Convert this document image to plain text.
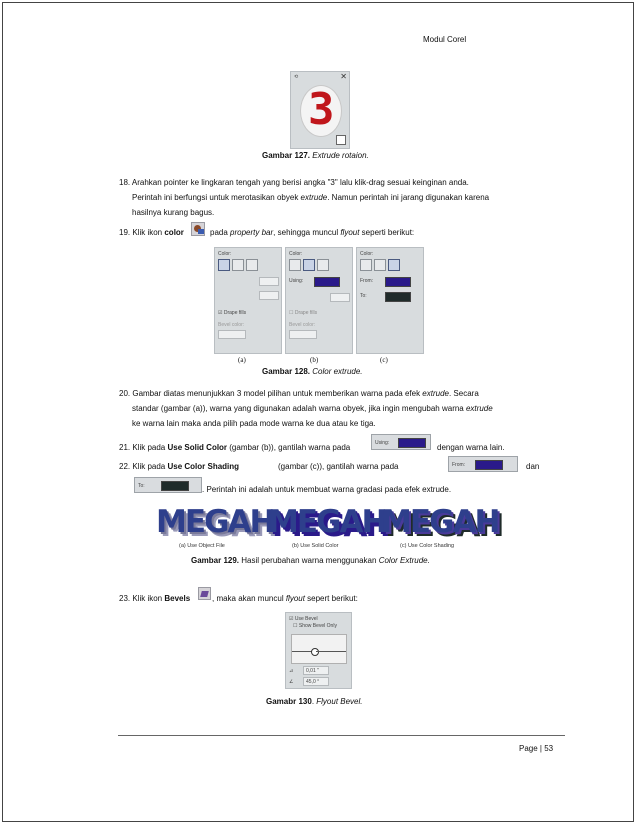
Modul Corel
✕
⟲
3
Gambar 127. Extrude rotaion.
18. Arahkan pointer ke lingkaran tengah yang berisi angka "3" lalu klik-drag sesuai keinginan anda.
Perintah ini berfungsi untuk merotasikan obyek extrude. Namun perintah ini jarang digunakan karena
hasilnya kurang bagus.
19. Klik ikon color	pada property bar, sehingga muncul flyout seperti berikut:
Color:
☑ Drape fills
Bevel color:
Color:
Using:
☐ Drape fills
Bevel color:
Color:
From:
To:
(a)	(b)	(c)
Gambar 128. Color extrude.
20. Gambar diatas menunjukkan 3 model pilihan untuk memberikan warna pada efek extrude. Secara
standar (gambar (a)), warna yang digunakan adalah warna obyek, jika ingin mengubah warna extrude
ke warna lain maka anda pilih pada mode warna ke dua atau ke tiga.
21. Klik pada Use Solid Color (gambar (b)), gantilah warna pada	Using:	dengan warna lain.
22. Klik pada Use Color Shading	(gambar (c)), gantilah warna pada	From:	dan
To:	. Perintah ini adalah untuk membuat warna gradasi pada efek extrude.
MEGAH
MEGAH
MEGAH
(a) Use Object File	(b) Use Solid Color	(c) Use Color Shading
Gambar 129. Hasil perubahan warna menggunakan Color Extrude.
23. Klik ikon Bevels	, maka akan muncul flyout sepert berikut:
☑ Use Bevel
☐ Show Bevel Only
⊿	0,01 "
∠	45,0 °
Gamabr 130. Flyout Bevel.
Page | 53
